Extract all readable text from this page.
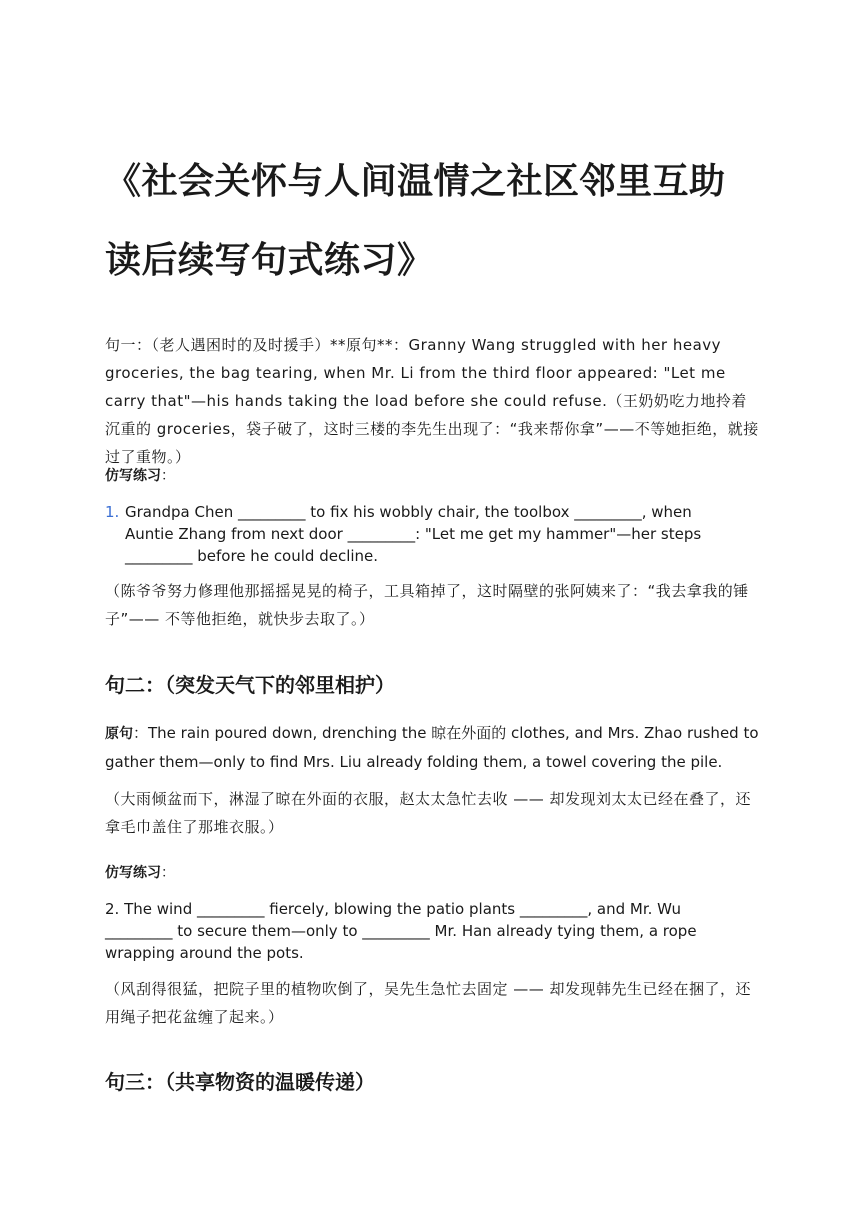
《社会关怀与人间温情之社区邻里互助
读后续写句式练习》

句一：（老人遇困时的及时援手）**原句**：Granny Wang struggled with her heavy groceries, the bag tearing, when Mr. Li from the third floor appeared: "Let me carry that"—his hands taking the load before she could refuse.（王奶奶吃力地拎着沉重的 groceries，袋子破了，这时三楼的李先生出现了：“我来帮你拿”——不等她拒绝，就接过了重物。）

仿写练习：

1. Grandpa Chen _________ to fix his wobbly chair, the toolbox _________, when Auntie Zhang from next door _________: "Let me get my hammer"—her steps _________ before he could decline.

（陈爷爷努力修理他那摇摇晃晃的椅子，工具箱掉了，这时隔壁的张阿姨来了：“我去拿我的锤子”—— 不等他拒绝，就快步去取了。）

句二：（突发天气下的邻里相护）

原句：The rain poured down, drenching the 晾在外面的 clothes, and Mrs. Zhao rushed to gather them—only to find Mrs. Liu already folding them, a towel covering the pile.

（大雨倾盆而下，淋湿了晾在外面的衣服，赵太太急忙去收 —— 却发现刘太太已经在叠了，还拿毛巾盖住了那堆衣服。）

仿写练习：

2. The wind _________ fiercely, blowing the patio plants _________, and Mr. Wu _________ to secure them—only to _________ Mr. Han already tying them, a rope wrapping around the pots.

（风刮得很猛，把院子里的植物吹倒了，吴先生急忙去固定 —— 却发现韩先生已经在捆了，还用绳子把花盆缠了起来。）

句三：（共享物资的温暖传递）
